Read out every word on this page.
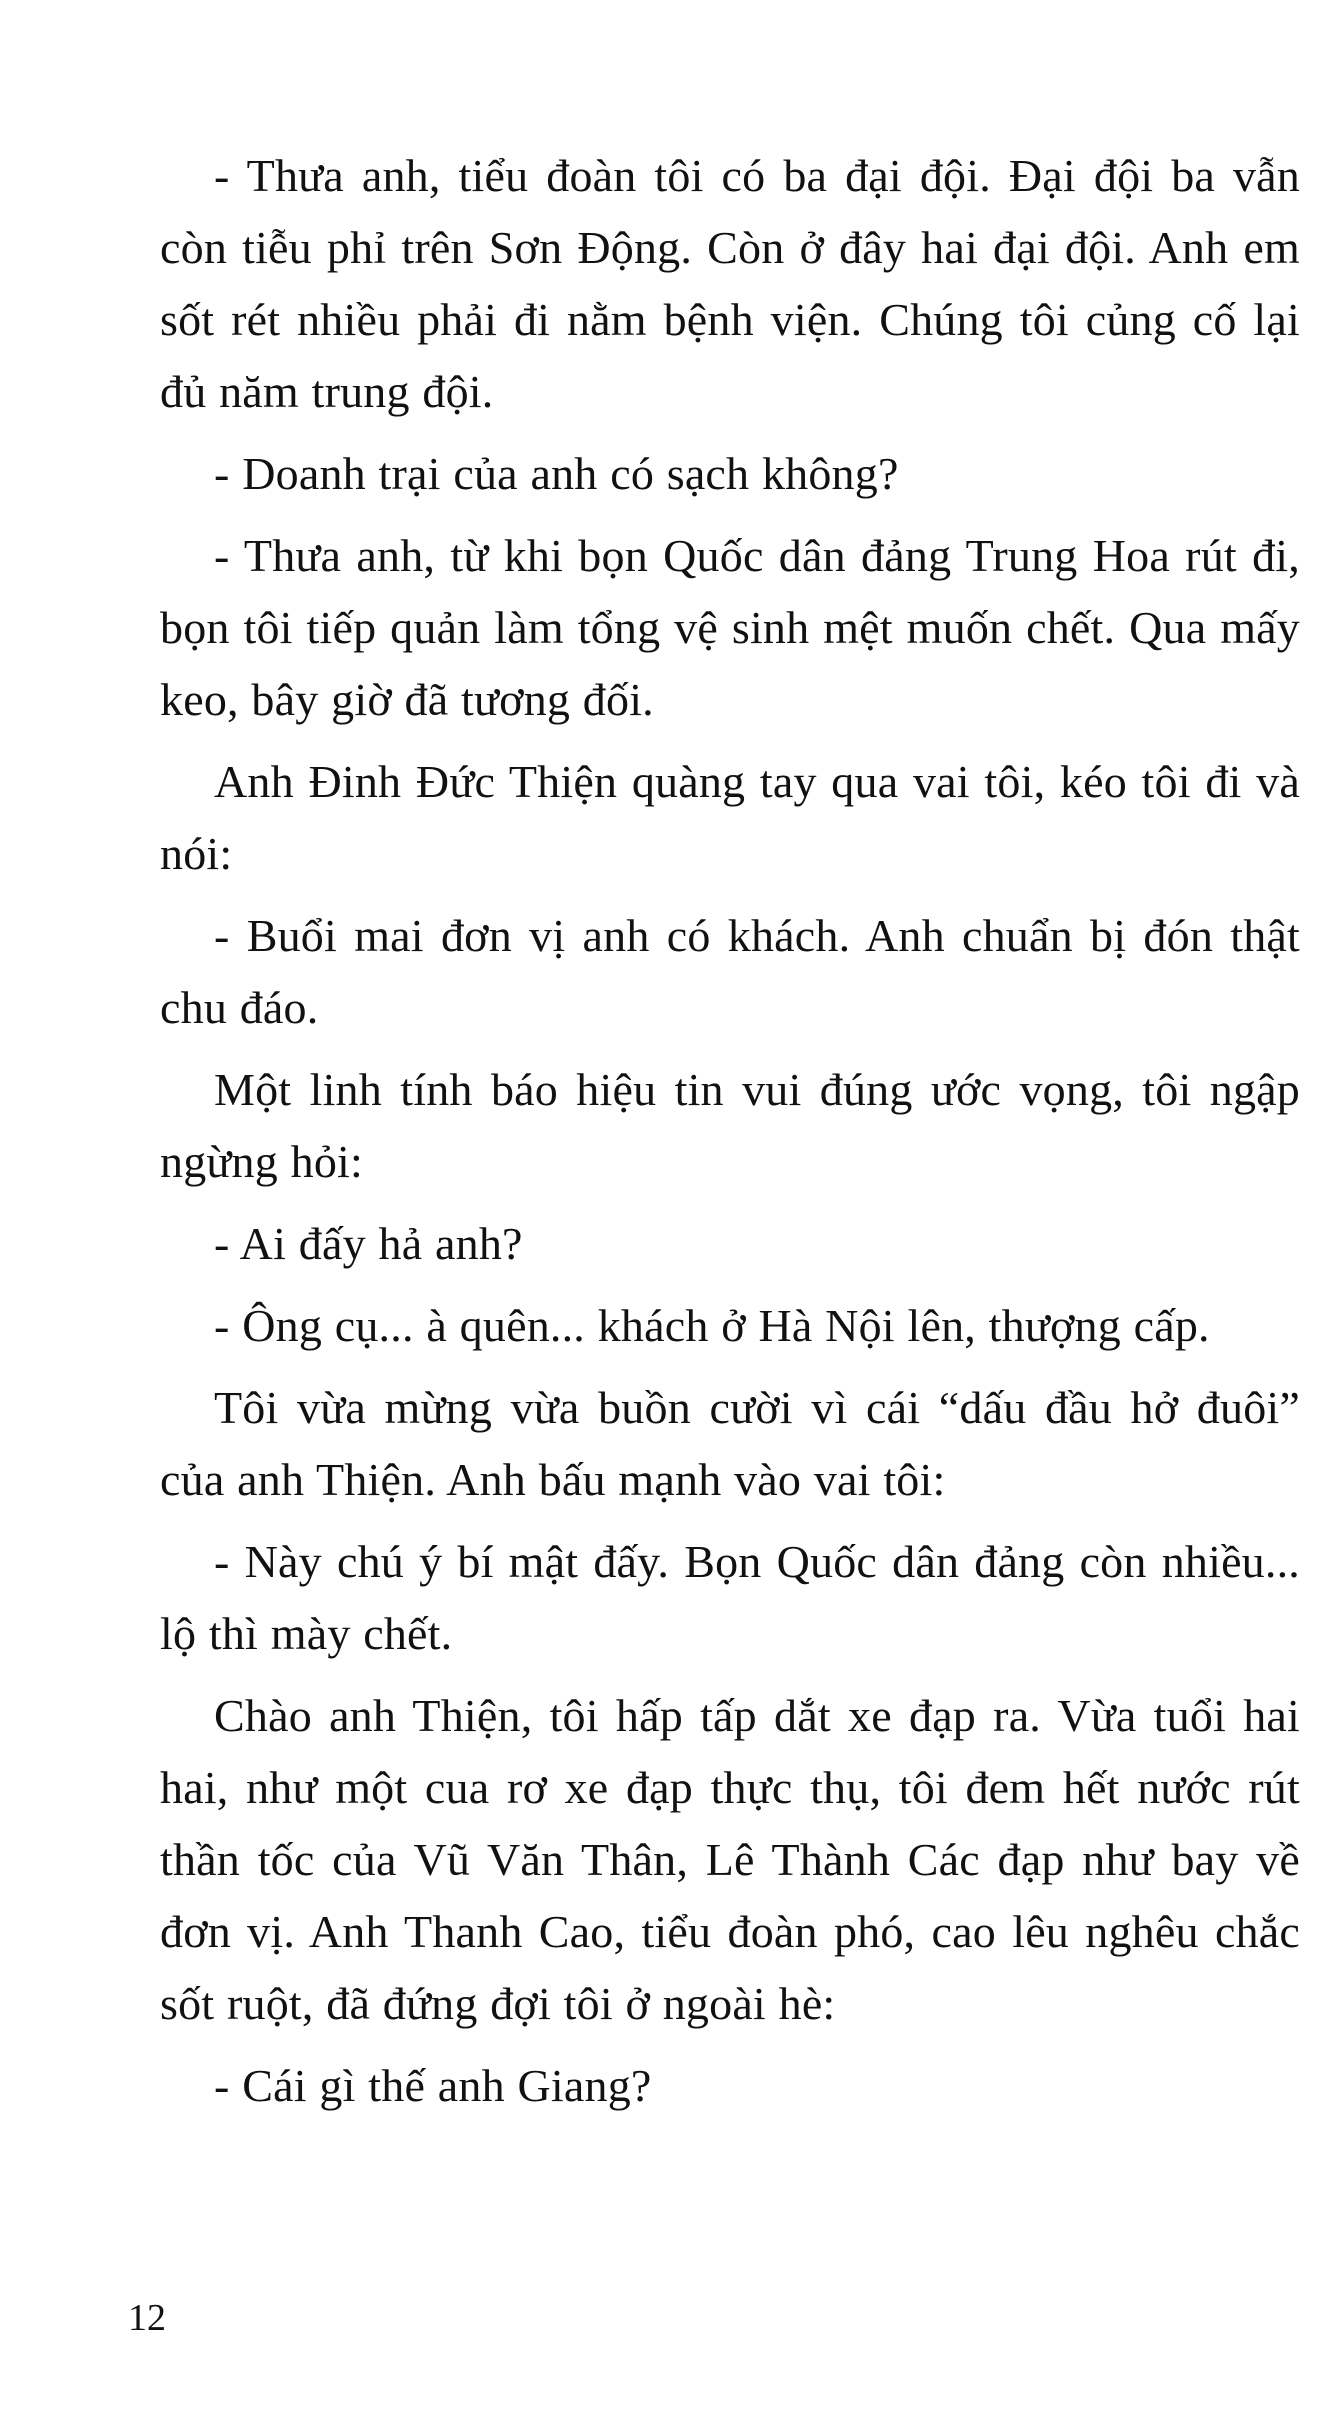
- Thưa anh, tiểu đoàn tôi có ba đại đội. Đại đội ba vẫn còn tiễu phỉ trên Sơn Động. Còn ở đây hai đại đội. Anh em sốt rét nhiều phải đi nằm bệnh viện. Chúng tôi củng cố lại đủ năm trung đội.

- Doanh trại của anh có sạch không?

- Thưa anh, từ khi bọn Quốc dân đảng Trung Hoa rút đi, bọn tôi tiếp quản làm tổng vệ sinh mệt muốn chết. Qua mấy keo, bây giờ đã tương đối.

Anh Đinh Đức Thiện quàng tay qua vai tôi, kéo tôi đi và nói:

- Buổi mai đơn vị anh có khách. Anh chuẩn bị đón thật chu đáo.

Một linh tính báo hiệu tin vui đúng ước vọng, tôi ngập ngừng hỏi:

- Ai đấy hả anh?

- Ông cụ... à quên... khách ở Hà Nội lên, thượng cấp.

Tôi vừa mừng vừa buồn cười vì cái “dấu đầu hở đuôi” của anh Thiện. Anh bấu mạnh vào vai tôi:

- Này chú ý bí mật đấy. Bọn Quốc dân đảng còn nhiều... lộ thì mày chết.

Chào anh Thiện, tôi hấp tấp dắt xe đạp ra. Vừa tuổi hai hai, như một cua rơ xe đạp thực thụ, tôi đem hết nước rút thần tốc của Vũ Văn Thân, Lê Thành Các đạp như bay về đơn vị. Anh Thanh Cao, tiểu đoàn phó, cao lêu nghêu chắc sốt ruột, đã đứng đợi tôi ở ngoài hè:

- Cái gì thế anh Giang?

12
